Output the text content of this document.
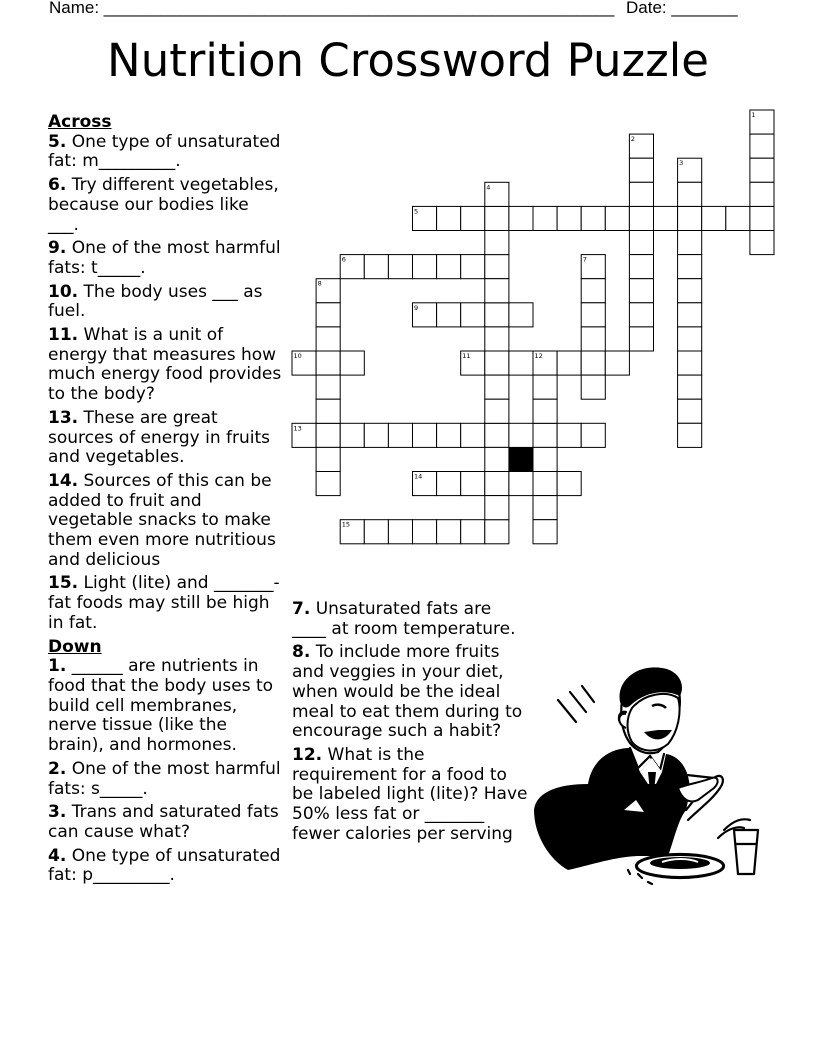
Name: ______________________________________________________ Date: _______
Nutrition Crossword Puzzle

Across

5. One type of unsaturated fat: m_________.

6. Try different vegetables, because our bodies like ___.

9. One of the most harmful fats: t_____.

10. The body uses ___ as fuel.

11. What is a unit of energy that measures how much energy food provides to the body?

13. These are great sources of energy in fruits and vegetables.

14. Sources of this can be added to fruit and vegetable snacks to make them even more nutritious and delicious

15. Light (lite) and _______-fat foods may still be high in fat.

Down

1. ______ are nutrients in food that the body uses to build cell membranes, nerve tissue (like the brain), and hormones.

2. One of the most harmful fats: s_____.

3. Trans and saturated fats can cause what?

4. One type of unsaturated fat: p_________.

7. Unsaturated fats are ____ at room temperature.

8. To include more fruits and veggies in your diet, when would be the ideal meal to eat them during to encourage such a habit?

12. What is the requirement for a food to be labeled light (lite)? Have 50% less fat or _______ fewer calories per serving

1
2
3
4
5
6	7
8
9
10	11	12
13
14
15
